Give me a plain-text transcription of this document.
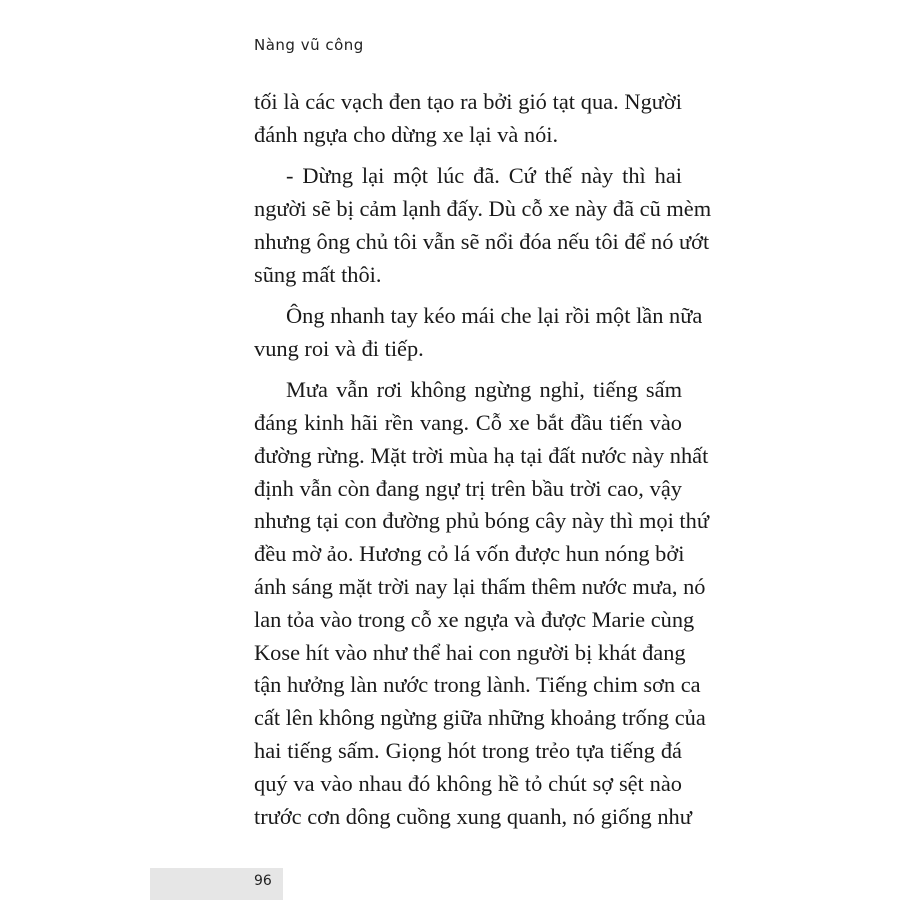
Nàng vũ công

tối là các vạch đen tạo ra bởi gió tạt qua. Người
đánh ngựa cho dừng xe lại và nói.

- Dừng lại một lúc đã. Cứ thế này thì hai
người sẽ bị cảm lạnh đấy. Dù cỗ xe này đã cũ mèm
nhưng ông chủ tôi vẫn sẽ nổi đóa nếu tôi để nó ướt
sũng mất thôi.

Ông nhanh tay kéo mái che lại rồi một lần nữa
vung roi và đi tiếp.

Mưa vẫn rơi không ngừng nghỉ, tiếng sấm
đáng kinh hãi rền vang. Cỗ xe bắt đầu tiến vào
đường rừng. Mặt trời mùa hạ tại đất nước này nhất
định vẫn còn đang ngự trị trên bầu trời cao, vậy
nhưng tại con đường phủ bóng cây này thì mọi thứ
đều mờ ảo. Hương cỏ lá vốn được hun nóng bởi
ánh sáng mặt trời nay lại thấm thêm nước mưa, nó
lan tỏa vào trong cỗ xe ngựa và được Marie cùng
Kose hít vào như thể hai con người bị khát đang
tận hưởng làn nước trong lành. Tiếng chim sơn ca
cất lên không ngừng giữa những khoảng trống của
hai tiếng sấm. Giọng hót trong trẻo tựa tiếng đá
quý va vào nhau đó không hề tỏ chút sợ sệt nào
trước cơn dông cuồng xung quanh, nó giống như

96
